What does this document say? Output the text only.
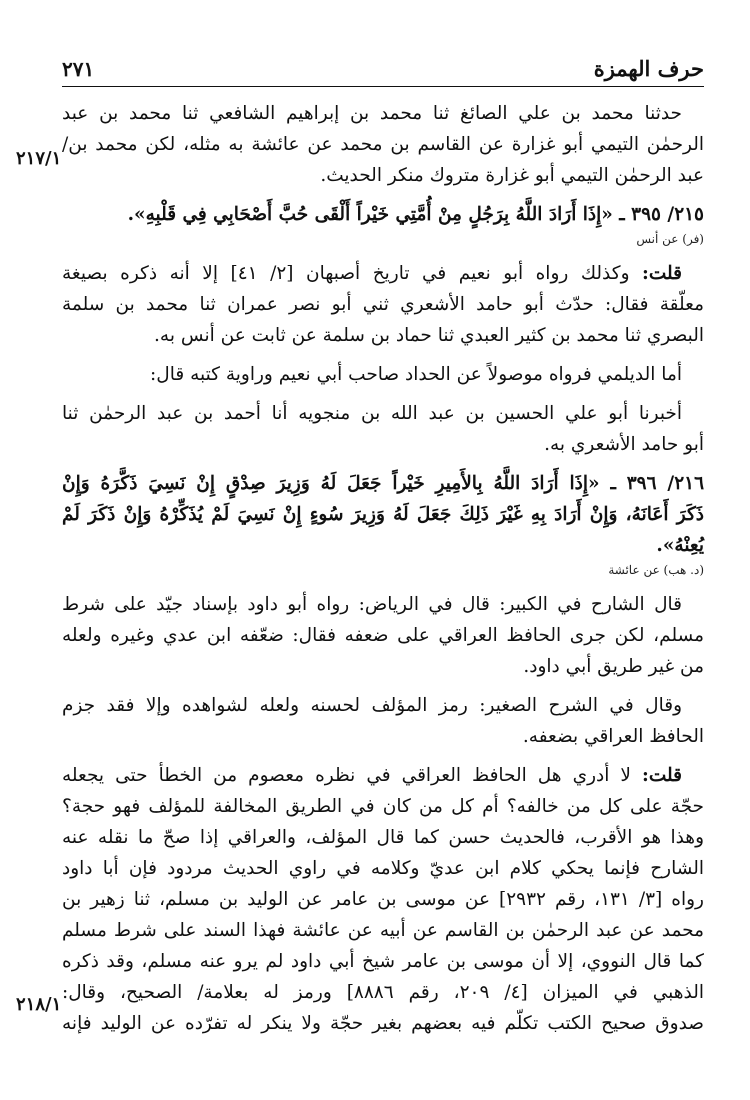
٢٧١	حرف الهمزة
٢١٧/١
٢١٨/١
حدثنا محمد بن علي الصائغ ثنا محمد بن إبراهيم الشافعي ثنا محمد بن عبد
الرحمٰن التيمي أبو غزارة عن القاسم بن محمد عن عائشة به مثله، لكن محمد بن/
عبد الرحمٰن التيمي أبو غزارة متروك منكر الحديث.
٢١٥/ ٣٩٥ ـ «إِذَا أَرَادَ اللَّهُ بِرَجُلٍ مِنْ أُمَّتِي خَيْراً أَلْقَى حُبَّ أَصْحَابِي فِي قَلْبِهِ».
(فر) عن أنس
قلت: وكذلك رواه أبو نعيم في تاريخ أصبهان [٢/ ٤١] إلا أنه ذكره بصيغة
معلّقة فقال: حدّث أبو حامد الأشعري ثني أبو نصر عمران ثنا محمد بن سلمة
البصري ثنا محمد بن كثير العبدي ثنا حماد بن سلمة عن ثابت عن أنس به.
أما الديلمي فرواه موصولاً عن الحداد صاحب أبي نعيم وراوية كتبه قال:
أخبرنا أبو علي الحسين بن عبد الله بن منجويه أنا أحمد بن عبد الرحمٰن ثنا
أبو حامد الأشعري به.
٢١٦/ ٣٩٦ ـ «إِذَا أَرَادَ اللَّهُ بِالأَمِيرِ خَيْراً جَعَلَ لَهُ وَزِيرَ صِدْقٍ إِنْ نَسِيَ ذَكَّرَهُ وَإِنْ
ذَكَرَ أَعَانَهُ، وَإِنْ أَرَادَ بِهِ غَيْرَ ذَلِكَ جَعَلَ لَهُ وَزِيرَ سُوءٍ إِنْ نَسِيَ لَمْ يُذَكِّرْهُ وَإِنْ ذَكَرَ لَمْ
يُعِنْهُ».
(د. هب) عن عائشة
قال الشارح في الكبير: قال في الرياض: رواه أبو داود بإسناد جيّد على شرط
مسلم، لكن جرى الحافظ العراقي على ضعفه فقال: ضعّفه ابن عدي وغيره ولعله
من غير طريق أبي داود.
وقال في الشرح الصغير: رمز المؤلف لحسنه ولعله لشواهده وإلا فقد جزم
الحافظ العراقي بضعفه.
قلت: لا أدري هل الحافظ العراقي في نظره معصوم من الخطأ حتى يجعله
حجّة على كل من خالفه؟ أم كل من كان في الطريق المخالفة للمؤلف فهو حجة؟
وهذا هو الأقرب، فالحديث حسن كما قال المؤلف، والعراقي إذا صحّ ما نقله عنه
الشارح فإنما يحكي كلام ابن عديّ وكلامه في راوي الحديث مردود فإن أبا داود
رواه [٣/ ١٣١، رقم ٢٩٣٢] عن موسى بن عامر عن الوليد بن مسلم، ثنا زهير بن
محمد عن عبد الرحمٰن بن القاسم عن أبيه عن عائشة فهذا السند على شرط مسلم
كما قال النووي، إلا أن موسى بن عامر شيخ أبي داود لم يرو عنه مسلم، وقد ذكره
الذهبي في الميزان [٤/ ٢٠٩، رقم ٨٨٨٦] ورمز له بعلامة/ الصحيح، وقال:
صدوق صحيح الكتب تكلّم فيه بعضهم بغير حجّة ولا ينكر له تفرّده عن الوليد فإنه
